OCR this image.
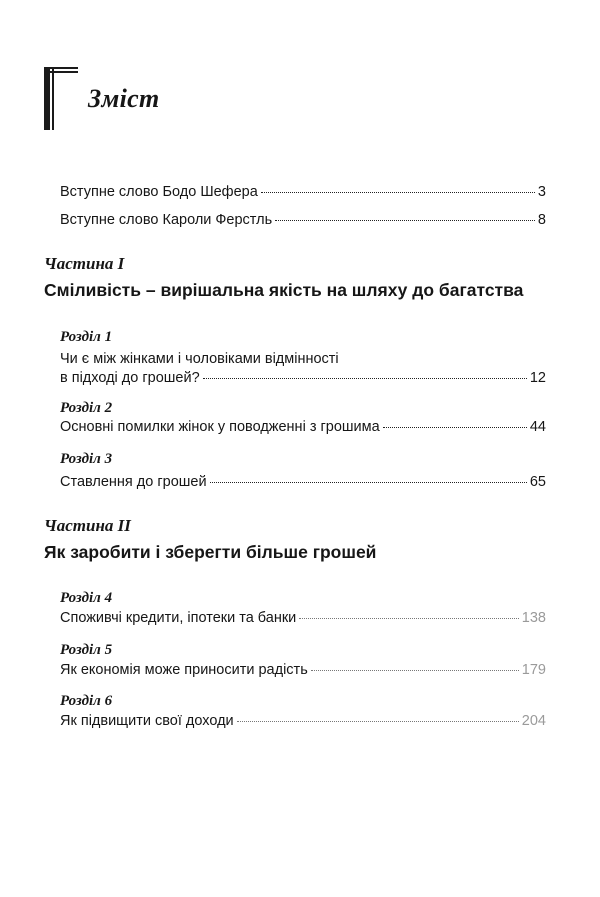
Зміст
Вступне слово Бодо Шефера	3
Вступне слово Кароли Ферстль	8
Частина І
Сміливість – вирішальна якість на шляху до багатства
Розділ 1
Чи є між жінками і чоловіками відмінності
в підході до грошей?	12
Розділ 2
Основні помилки жінок у поводженні з грошима	44
Розділ 3
Ставлення до грошей	65
Частина ІІ
Як заробити і зберегти більше грошей
Розділ 4
Споживчі кредити, іпотеки та банки	138
Розділ 5
Як економія може приносити радість	179
Розділ 6
Як підвищити свої доходи	204
